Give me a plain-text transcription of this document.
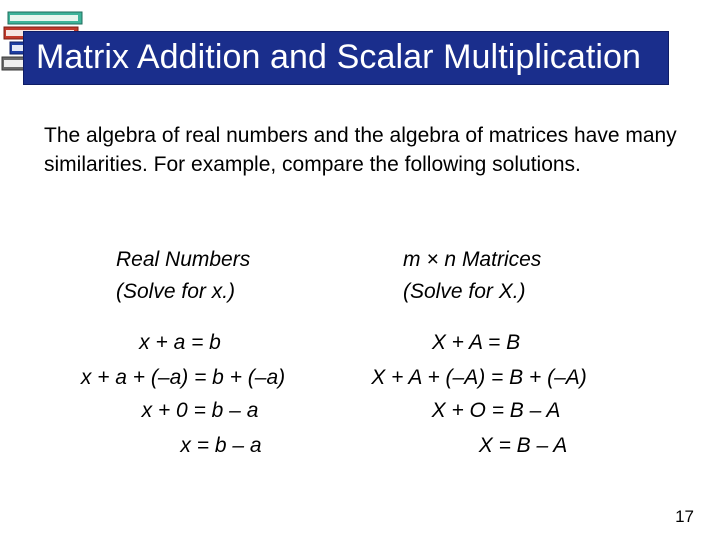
Matrix Addition and Scalar Multiplication

The algebra of real numbers and the algebra of matrices have many similarities. For example, compare the following solutions.

Real Numbers
(Solve for x.)
m × n Matrices
(Solve for X.)
x + a = b
x + a + (–a) = b + (–a)
x + 0 = b – a
x = b – a
X + A = B
X + A + (–A) = B + (–A)
X + O = B – A
X = B – A
17
